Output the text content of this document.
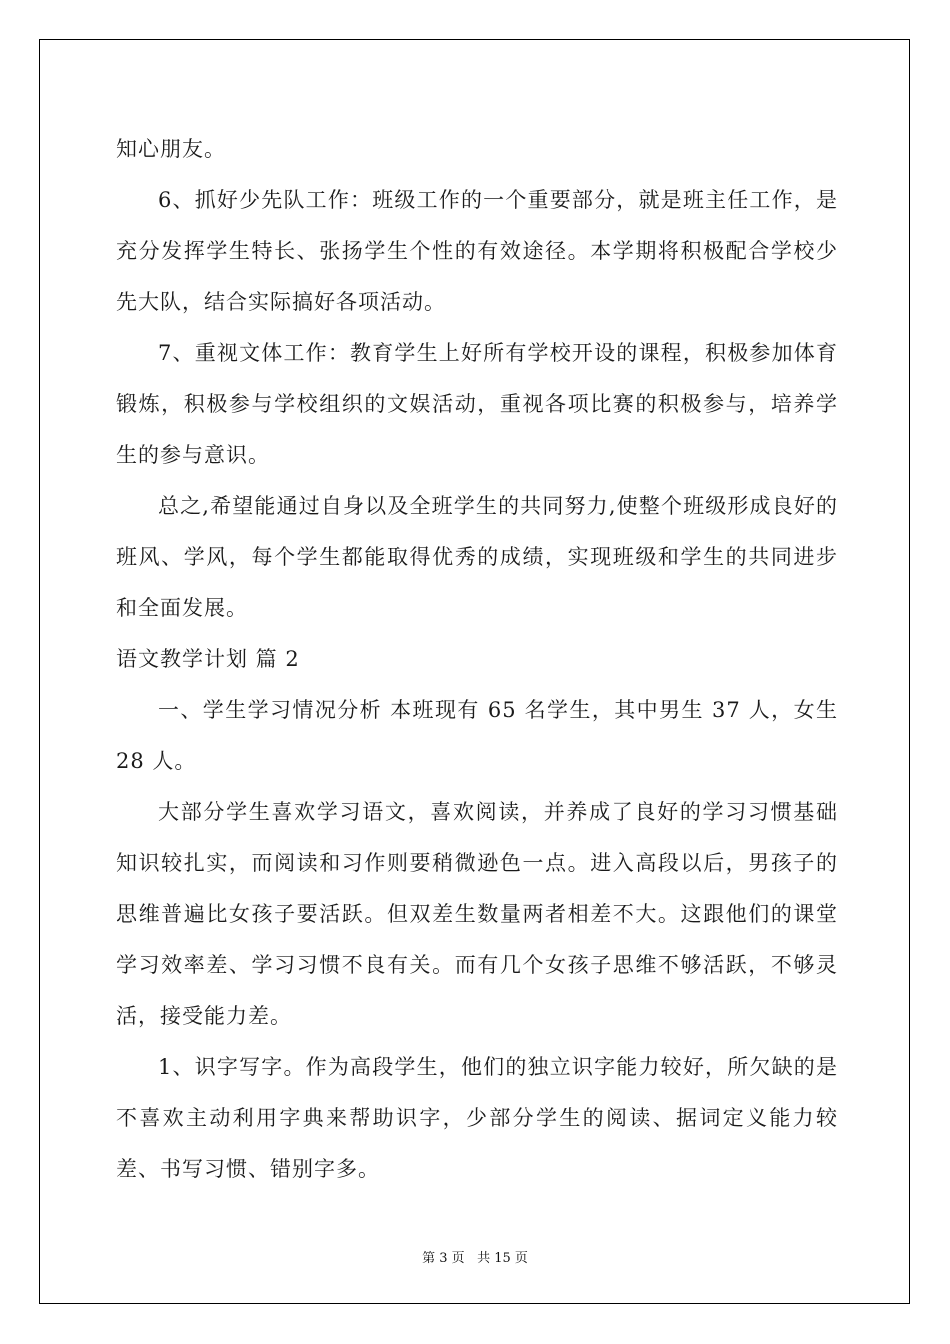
知心朋友。

6、抓好少先队工作：班级工作的一个重要部分，就是班主任工作，是充分发挥学生特长、张扬学生个性的有效途径。本学期将积极配合学校少先大队，结合实际搞好各项活动。

7、重视文体工作：教育学生上好所有学校开设的课程，积极参加体育锻炼，积极参与学校组织的文娱活动，重视各项比赛的积极参与，培养学生的参与意识。

总之,希望能通过自身以及全班学生的共同努力,使整个班级形成良好的班风、学风，每个学生都能取得优秀的成绩，实现班级和学生的共同进步和全面发展。

语文教学计划 篇 2

一、学生学习情况分析 本班现有 65 名学生，其中男生 37 人，女生 28 人。

大部分学生喜欢学习语文，喜欢阅读，并养成了良好的学习习惯基础知识较扎实，而阅读和习作则要稍微逊色一点。进入高段以后，男孩子的思维普遍比女孩子要活跃。但双差生数量两者相差不大。这跟他们的课堂学习效率差、学习习惯不良有关。而有几个女孩子思维不够活跃，不够灵活，接受能力差。

1、识字写字。作为高段学生，他们的独立识字能力较好，所欠缺的是不喜欢主动利用字典来帮助识字，少部分学生的阅读、据词定义能力较差、书写习惯、错别字多。

第 3 页 共 15 页
